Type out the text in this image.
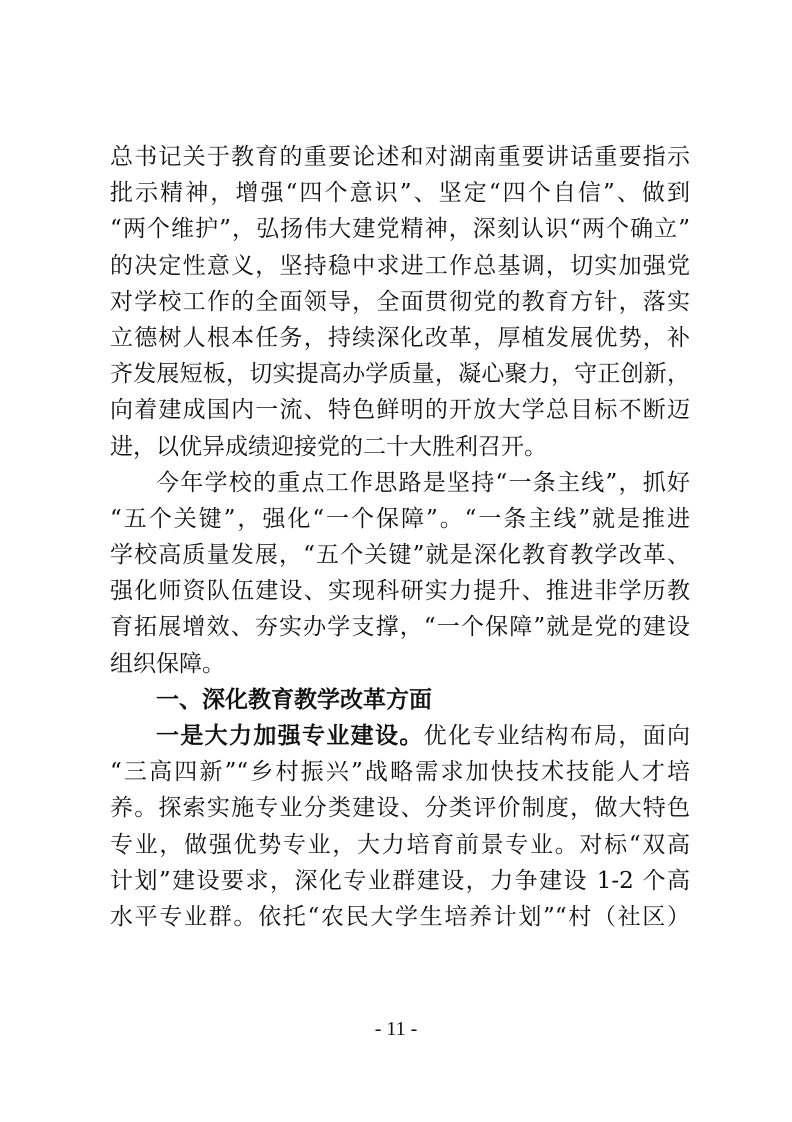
总书记关于教育的重要论述和对湖南重要讲话重要指示
批示精神，增强“四个意识”、坚定“四个自信”、做到
“两个维护”，弘扬伟大建党精神，深刻认识“两个确立”
的决定性意义，坚持稳中求进工作总基调，切实加强党
对学校工作的全面领导，全面贯彻党的教育方针，落实
立德树人根本任务，持续深化改革，厚植发展优势，补
齐发展短板，切实提高办学质量，凝心聚力，守正创新，
向着建成国内一流、特色鲜明的开放大学总目标不断迈
进，以优异成绩迎接党的二十大胜利召开。
今年学校的重点工作思路是坚持“一条主线”，抓好
“五个关键”，强化“一个保障”。“一条主线”就是推进
学校高质量发展，“五个关键”就是深化教育教学改革、
强化师资队伍建设、实现科研实力提升、推进非学历教
育拓展增效、夯实办学支撑，“一个保障”就是党的建设
组织保障。
一、深化教育教学改革方面
一是大力加强专业建设。优化专业结构布局，面向
“三高四新”“乡村振兴”战略需求加快技术技能人才培
养。探索实施专业分类建设、分类评价制度，做大特色
专业，做强优势专业，大力培育前景专业。对标“双高
计划”建设要求，深化专业群建设，力争建设 1-2 个高
水平专业群。依托“农民大学生培养计划”“村（社区）
- 11 -
